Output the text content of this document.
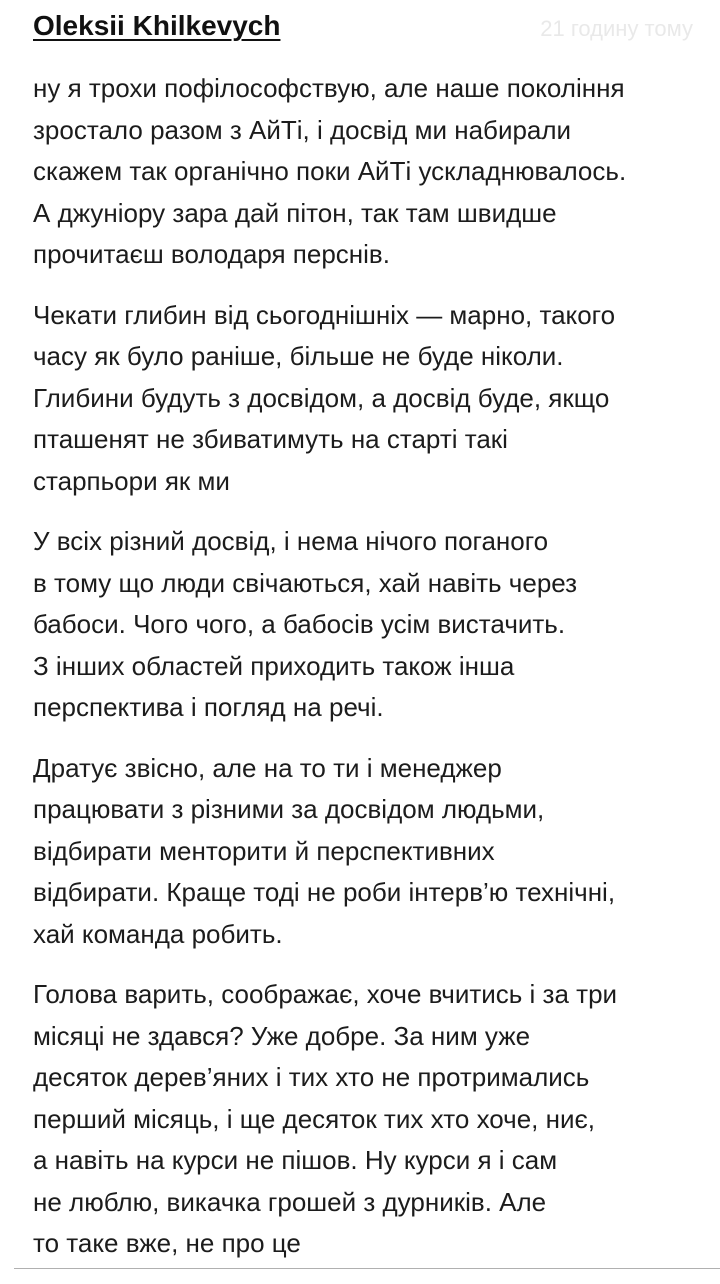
Oleksii Khilkevych	21 годину тому

ну я трохи пофілософствую, але наше покоління
зростало разом з АйТі, і досвід ми набирали
скажем так органічно поки АйТі ускладнювалось.
А джуніору зара дай пітон, так там швидше
прочитаєш володаря перснів.

Чекати глибин від сьогоднішніх — марно, такого
часу як було раніше, більше не буде ніколи.
Глибини будуть з досвідом, а досвід буде, якщо
пташенят не збиватимуть на старті такі
старпьори як ми

У всіх різний досвід, і нема нічого поганого
в тому що люди свічаються, хай навіть через
бабоси. Чого чого, а бабосів усім вистачить.
З інших областей приходить також інша
перспектива і погляд на речі.

Дратує звісно, але на то ти і менеджер
працювати з різними за досвідом людьми,
відбирати менторити й перспективних
відбирати. Краще тоді не роби інтерв’ю технічні,
хай команда робить.

Голова варить, соображає, хоче вчитись і за три
місяці не здався? Уже добре. За ним уже
десяток дерев’яних і тих хто не протримались
перший місяць, і ще десяток тих хто хоче, ниє,
а навіть на курси не пішов. Ну курси я і сам
не люблю, викачка грошей з дурників. Але
то таке вже, не про це
